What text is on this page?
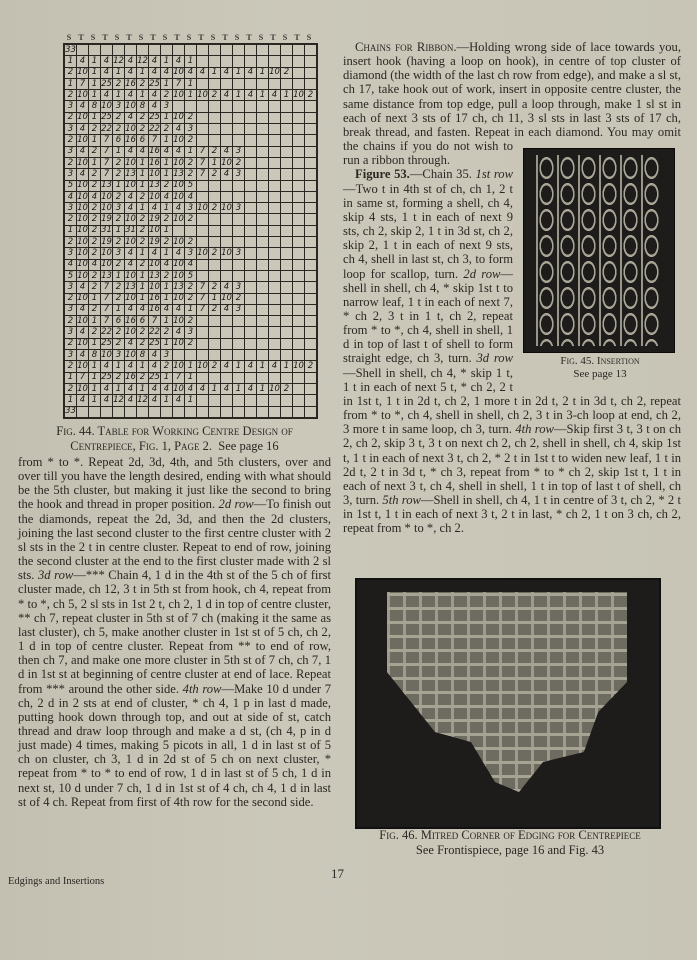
S T S T S T S T S T S T S T S T S T S T S
33																				
1	4	1	4	12	4	12	4	1	4	1										
2	10	1	4	1	4	1	4	4	10	4	4	1	4	1	4	1	10	2		
1	7	1	25	2	16	2	25	1	7	1										
2	10	1	4	1	4	1	4	2	10	1	10	2	4	1	4	1	4	1	10	2
3	4	8	10	3	10	8	4	3												
2	10	1	25	2	4	2	25	1	10	2										
3	4	2	22	2	10	2	22	2	4	3										
2	10	1	7	6	16	6	7	1	10	2										
3	4	2	7	1	4	4	16	4	4	1	7	2	4	3						
2	10	1	7	2	10	1	16	1	10	2	7	1	10	2						
3	4	2	7	2	13	1	10	1	13	2	7	2	4	3						
5	10	2	13	1	10	1	13	2	10	5										
4	10	4	10	2	4	2	10	4	10	4										
3	10	2	10	3	4	1	4	1	4	3	10	2	10	3						
2	10	2	19	2	10	2	19	2	10	2										
1	10	2	31	1	31	2	10	1												
2	10	2	19	2	10	2	19	2	10	2										
3	10	2	10	3	4	1	4	1	4	3	10	2	10	3						
4	10	4	10	2	4	2	10	4	10	4										
5	10	2	13	1	10	1	13	2	10	5										
3	4	2	7	2	13	1	10	1	13	2	7	2	4	3						
2	10	1	7	2	10	1	16	1	10	2	7	1	10	2						
3	4	2	7	1	4	4	16	4	4	1	7	2	4	3						
2	10	1	7	6	16	6	7	1	10	2										
3	4	2	22	2	10	2	22	2	4	3										
2	10	1	25	2	4	2	25	1	10	2										
3	4	8	10	3	10	8	4	3												
2	10	1	4	1	4	1	4	2	10	1	10	2	4	1	4	1	4	1	10	2
1	7	1	25	2	16	2	25	1	7	1										
2	10	1	4	1	4	1	4	4	10	4	4	1	4	1	4	1	10	2		
1	4	1	4	12	4	12	4	1	4	1										
33																				
Fig. 44. Table for Working Centre Design of
Centrepiece, Fig. 1, Page 2. See page 16

from * to *. Repeat 2d, 3d, 4th, and 5th clusters, over and over till you have the length desired, ending with what should be the 5th cluster, but making it just like the second to bring the hook and thread in proper position. 2d row—To finish out the diamonds, repeat the 2d, 3d, and then the 2d clusters, joining the last second cluster to the first centre cluster with 2 sl sts in the 2 t in centre cluster. Repeat to end of row, joining the second cluster at the end to the first cluster made with 2 sl sts. 3d row—*** Chain 4, 1 d in the 4th st of the 5 ch of first cluster made, ch 12, 3 t in 5th st from hook, ch 4, repeat from * to *, ch 5, 2 sl sts in 1st 2 t, ch 2, 1 d in top of centre cluster, ** ch 7, repeat cluster in 5th st of 7 ch (making it the same as last cluster), ch 5, make another cluster in 1st st of 5 ch, ch 2, 1 d in top of centre cluster. Repeat from ** to end of row, then ch 7, and make one more cluster in 5th st of 7 ch, ch 7, 1 d in 1st st at beginning of centre cluster at end of lace. Repeat from *** around the other side. 4th row—Make 10 d under 7 ch, 2 d in 2 sts at end of cluster, * ch 4, 1 p in last d made, putting hook down through top, and out at side of st, catch thread and draw loop through and make a d st, (ch 4, p in d just made) 4 times, making 5 picots in all, 1 d in last st of 5 ch on cluster, ch 3, 1 d in 2d st of 5 ch on next cluster, * repeat from * to * to end of row, 1 d in last st of 5 ch, 1 d in next st, 10 d under 7 ch, 1 d in 1st st of 4 ch, ch 4, 1 d in last st of 4 ch. Repeat from first of 4th row for the second side.

Fig. 45. Insertion
See page 13

Chains for Ribbon.—Holding wrong side of lace towards you, insert hook (having a loop on hook), in centre of top cluster of diamond (the width of the last ch row from edge), and make a sl st, ch 17, take hook out of work, insert in opposite centre cluster, the same distance from top edge, pull a loop through, make 1 sl st in each of next 3 sts of 17 ch, ch 11, 3 sl sts in last 3 sts of 17 ch, break thread, and fasten. Repeat in each diamond. You may omit the chains if you do not wish to run a ribbon through.

Figure 53.—Chain 35. 1st row—Two t in 4th st of ch, ch 1, 2 t in same st, forming a shell, ch 4, skip 4 sts, 1 t in each of next 9 sts, ch 2, skip 2, 1 t in 3d st, ch 2, skip 2, 1 t in each of next 9 sts, ch 4, shell in last st, ch 3, to form loop for scallop, turn. 2d row—shell in shell, ch 4, * skip 1st t to narrow leaf, 1 t in each of next 7, * ch 2, 3 t in 1 t, ch 2, repeat from * to *, ch 4, shell in shell, 1 d in top of last t of shell to form straight edge, ch 3, turn. 3d row—Shell in shell, ch 4, * skip 1 t, 1 t in each of next 5 t, * ch 2, 2 t in 1st t, 1 t in 2d t, ch 2, 1 more t in 2d t, 2 t in 3d t, ch 2, repeat from * to *, ch 4, shell in shell, ch 2, 3 t in 3-ch loop at end, ch 2, 3 more t in same loop, ch 3, turn. 4th row—Skip first 3 t, 3 t on ch 2, ch 2, skip 3 t, 3 t on next ch 2, ch 2, shell in shell, ch 4, skip 1st t, 1 t in each of next 3 t, ch 2, * 2 t in 1st t to widen new leaf, 1 t in 2d t, 2 t in 3d t, * ch 3, repeat from * to * ch 2, skip 1st t, 1 t in each of next 3 t, ch 4, shell in shell, 1 t in top of last t of shell, ch 3, turn. 5th row—Shell in shell, ch 4, 1 t in centre of 3 t, ch 2, * 2 t in 1st t, 1 t in each of next 3 t, 2 t in last, * ch 2, 1 t on 3 ch, ch 2, repeat from * to *, ch 2.

Fig. 46. Mitred Corner of Edging for Centrepiece
See Frontispiece, page 16 and Fig. 43
17
Edgings and Insertions
